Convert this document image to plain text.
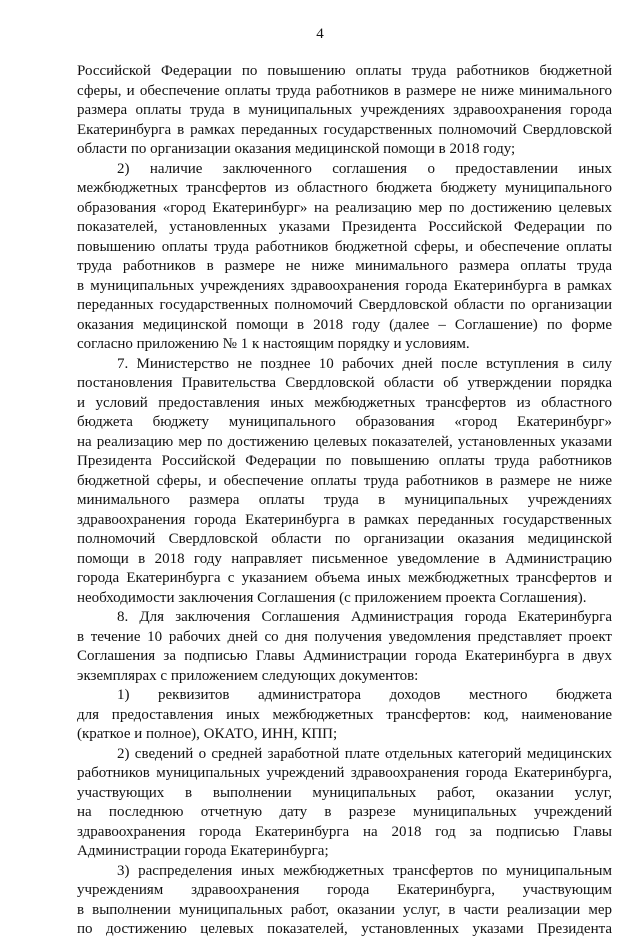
4
Российской Федерации по повышению оплаты труда работников бюджетной
сферы, и обеспечение оплаты труда работников в размере не ниже минимального
размера оплаты труда в муниципальных учреждениях здравоохранения города
Екатеринбурга в рамках переданных государственных полномочий Свердловской
области по организации оказания медицинской помощи в 2018 году;
2) наличие заключенного соглашения о предоставлении иных
межбюджетных трансфертов из областного бюджета бюджету муниципального
образования «город Екатеринбург» на реализацию мер по достижению целевых
показателей, установленных указами Президента Российской Федерации по
повышению оплаты труда работников бюджетной сферы, и обеспечение оплаты
труда работников в размере не ниже минимального размера оплаты труда
в муниципальных учреждениях здравоохранения города Екатеринбурга в рамках
переданных государственных полномочий Свердловской области по организации
оказания медицинской помощи в 2018 году (далее – Соглашение) по форме
согласно приложению № 1 к настоящим порядку и условиям.
7. Министерство не позднее 10 рабочих дней после вступления в силу
постановления Правительства Свердловской области об утверждении порядка
и условий предоставления иных межбюджетных трансфертов из областного
бюджета бюджету муниципального образования «город Екатеринбург»
на реализацию мер по достижению целевых показателей, установленных указами
Президента Российской Федерации по повышению оплаты труда работников
бюджетной сферы, и обеспечение оплаты труда работников в размере не ниже
минимального размера оплаты труда в муниципальных учреждениях
здравоохранения города Екатеринбурга в рамках переданных государственных
полномочий Свердловской области по организации оказания медицинской
помощи в 2018 году направляет письменное уведомление в Администрацию
города Екатеринбурга с указанием объема иных межбюджетных трансфертов и
необходимости заключения Соглашения (с приложением проекта Соглашения).
8. Для заключения Соглашения Администрация города Екатеринбурга
в течение 10 рабочих дней со дня получения уведомления представляет проект
Соглашения за подписью Главы Администрации города Екатеринбурга в двух
экземплярах с приложением следующих документов:
1) реквизитов администратора доходов местного бюджета
для предоставления иных межбюджетных трансфертов: код, наименование
(краткое и полное), ОКАТО, ИНН, КПП;
2) сведений о средней заработной плате отдельных категорий медицинских
работников муниципальных учреждений здравоохранения города Екатеринбурга,
участвующих в выполнении муниципальных работ, оказании услуг,
на последнюю отчетную дату в разрезе муниципальных учреждений
здравоохранения города Екатеринбурга на 2018 год за подписью Главы
Администрации города Екатеринбурга;
3) распределения иных межбюджетных трансфертов по муниципальным
учреждениям здравоохранения города Екатеринбурга, участвующим
в выполнении муниципальных работ, оказании услуг, в части реализации мер
по достижению целевых показателей, установленных указами Президента
